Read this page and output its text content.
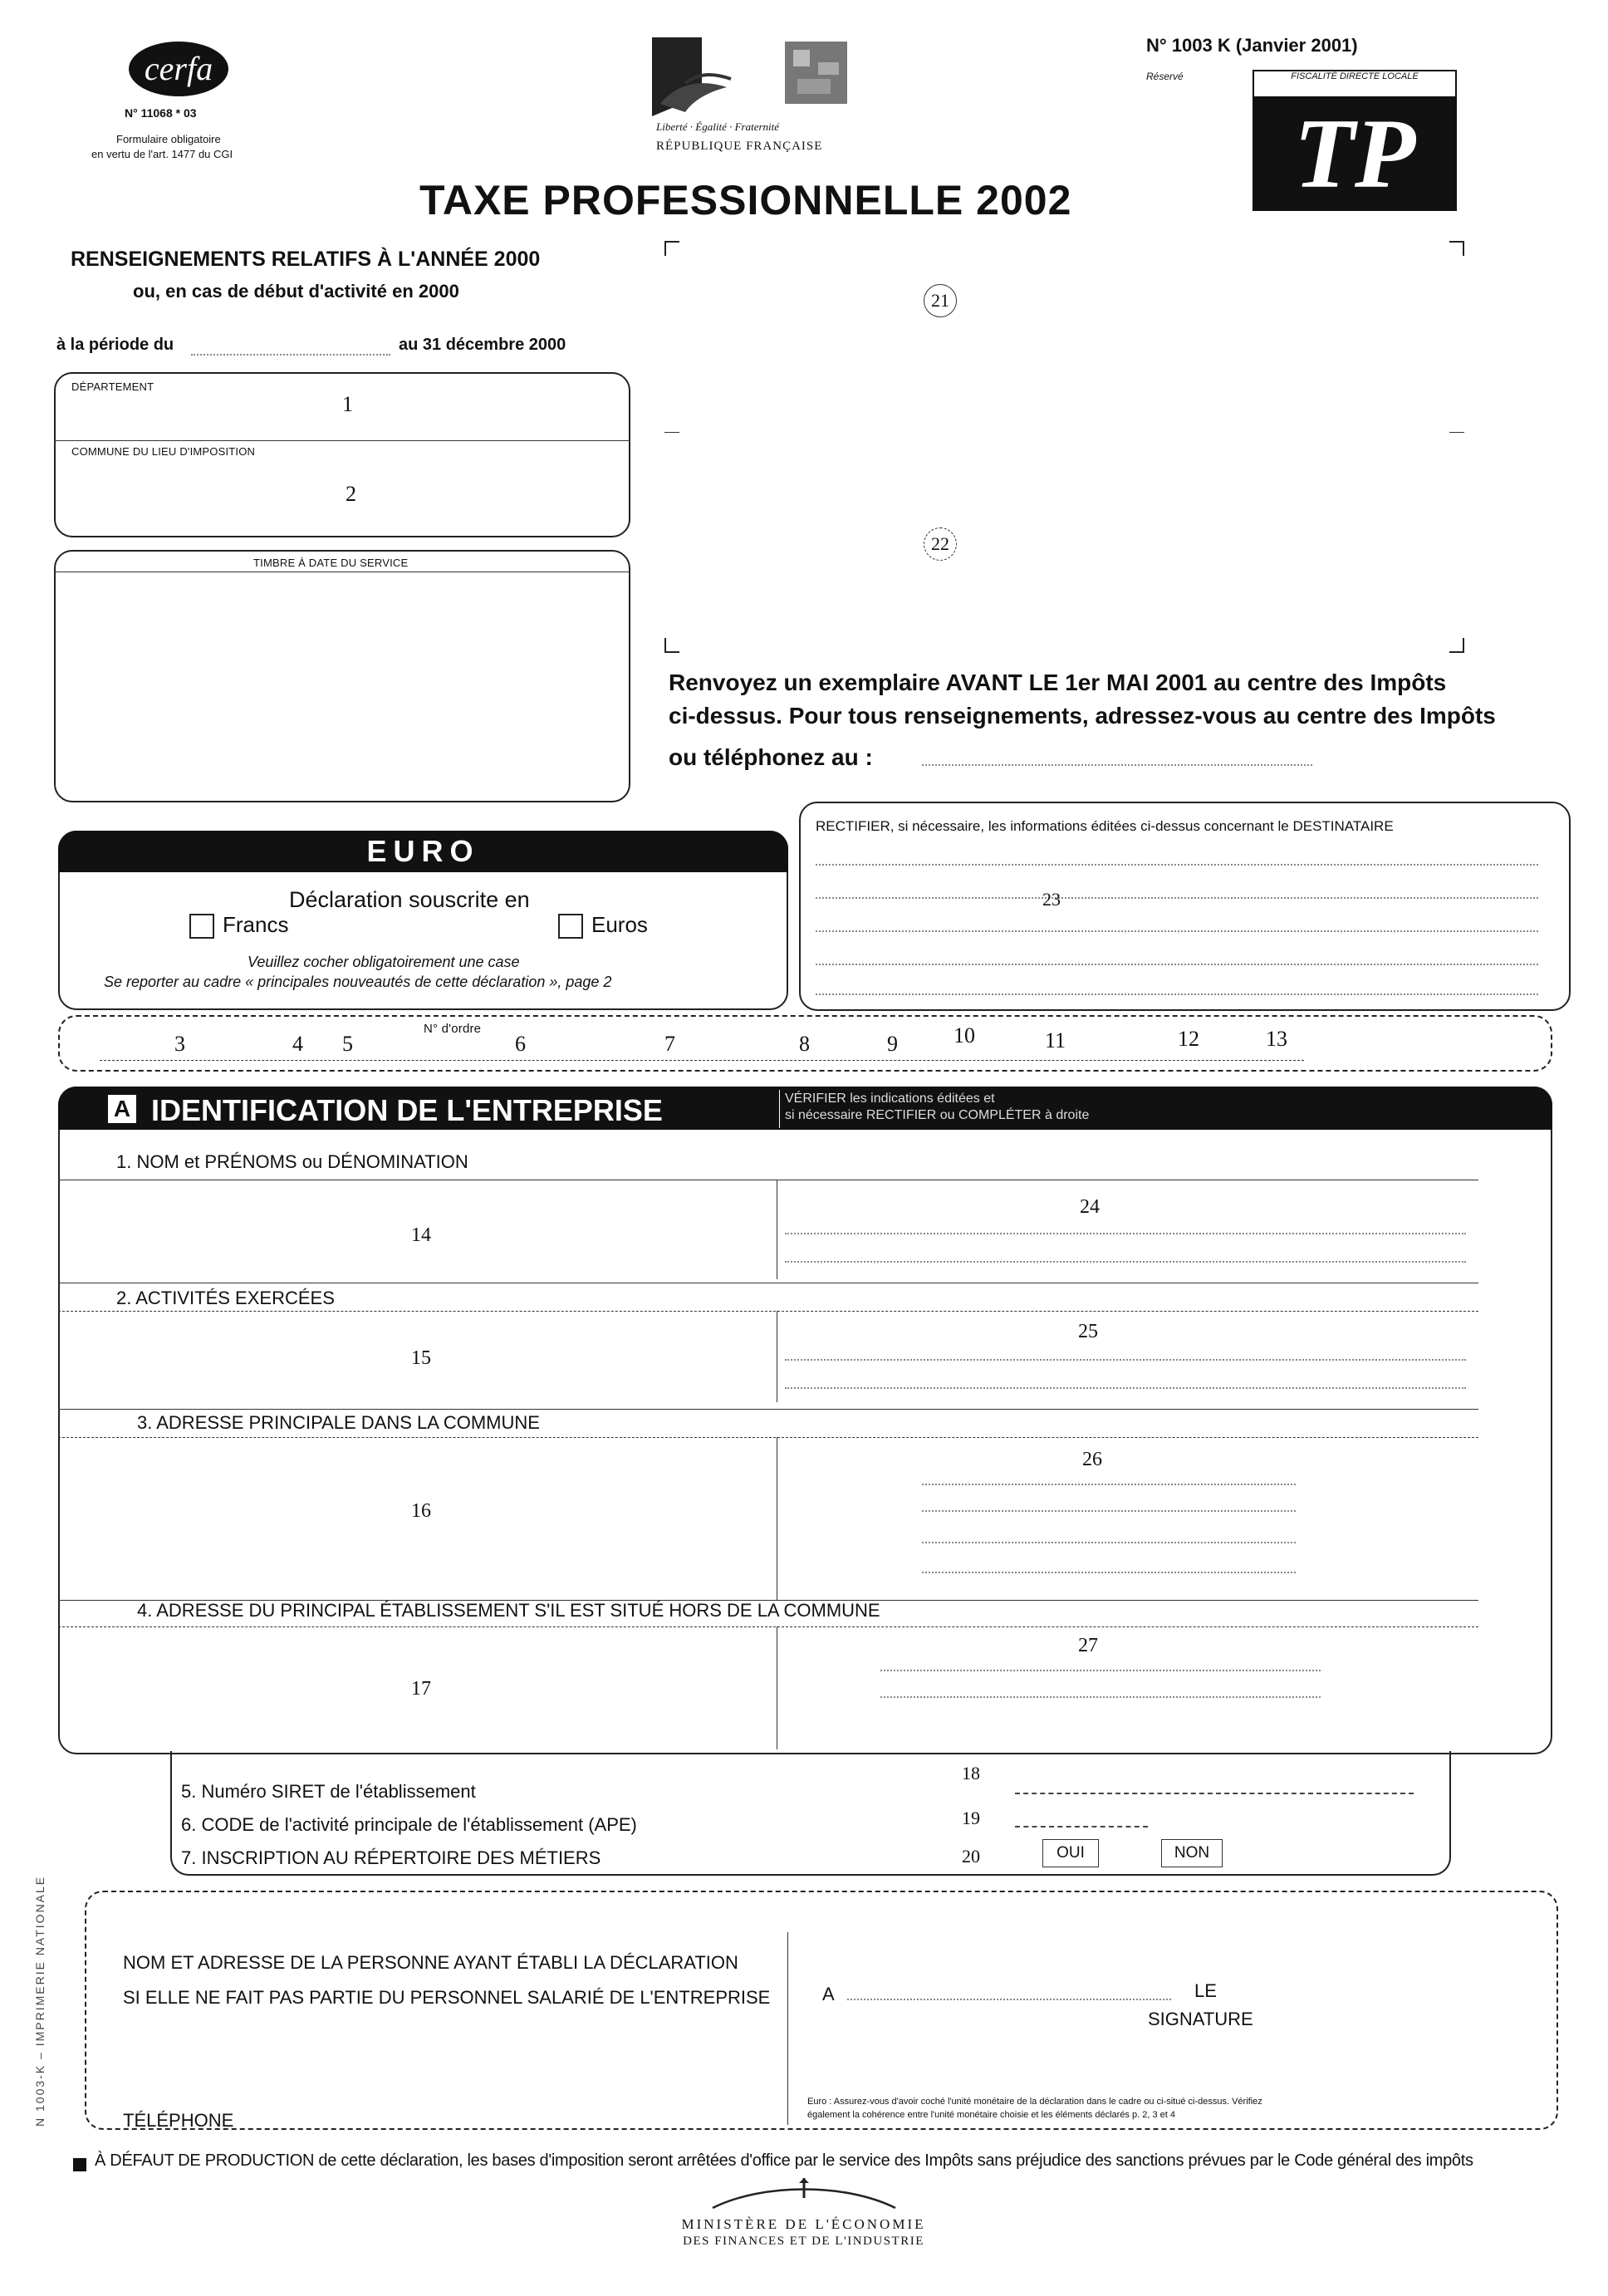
cerfa
N° 11068 * 03
Formulaire obligatoire
en vertu de l'art. 1477 du CGI
Liberté · Égalité · Fraternité
RÉPUBLIQUE FRANÇAISE
N° 1003 K (Janvier 2001)
Réservé	FISCALITÉ DIRECTE LOCALE
TP
TAXE PROFESSIONNELLE 2002
RENSEIGNEMENTS RELATIFS À L'ANNÉE 2000
ou, en cas de début d'activité en 2000
à la période du	au 31 décembre 2000
DÉPARTEMENT
1
COMMUNE DU LIEU D'IMPOSITION
2
TIMBRE À DATE DU SERVICE
21
22
Renvoyez un exemplaire AVANT LE 1er MAI 2001 au centre des Impôts
ci-dessus. Pour tous renseignements, adressez-vous au centre des Impôts
ou téléphonez au :
EURO
Déclaration souscrite en
Francs	Euros
Veuillez cocher obligatoirement une case
Se reporter au cadre « principales nouveautés de cette déclaration », page 2
RECTIFIER, si nécessaire, les informations éditées ci-dessus concernant le DESTINATAIRE
23
N° d'ordre
3	4 5	6	7	8	9	10	11	12	13
A IDENTIFICATION DE L'ENTREPRISE	VÉRIFIER les indications éditées et
si nécessaire RECTIFIER ou COMPLÉTER à droite
1. NOM et PRÉNOMS ou DÉNOMINATION
14
24
2. ACTIVITÉS EXERCÉES
15
25
3. ADRESSE PRINCIPALE DANS LA COMMUNE
16
26
4. ADRESSE DU PRINCIPAL ÉTABLISSEMENT S'IL EST SITUÉ HORS DE LA COMMUNE
17
27
5. Numéro SIRET de l'établissement
18
6. CODE de l'activité principale de l'établissement (APE)	19
7. INSCRIPTION AU RÉPERTOIRE DES MÉTIERS	20	OUI	NON
NOM ET ADRESSE DE LA PERSONNE AYANT ÉTABLI LA DÉCLARATION
SI ELLE NE FAIT PAS PARTIE DU PERSONNEL SALARIÉ DE L'ENTREPRISE
TÉLÉPHONE
A	LE
SIGNATURE
Euro : Assurez-vous d'avoir coché l'unité monétaire de la déclaration dans le cadre ou ci-situé ci-dessus. Vérifiez
également la cohérence entre l'unité monétaire choisie et les éléments déclarés p. 2, 3 et 4
N 1003-K – IMPRIMERIE NATIONALE
À DÉFAUT DE PRODUCTION de cette déclaration, les bases d'imposition seront arrêtées d'office par le service des Impôts sans préjudice des sanctions prévues par le Code général des impôts
MINISTÈRE DE L'ÉCONOMIE
DES FINANCES ET DE L'INDUSTRIE
